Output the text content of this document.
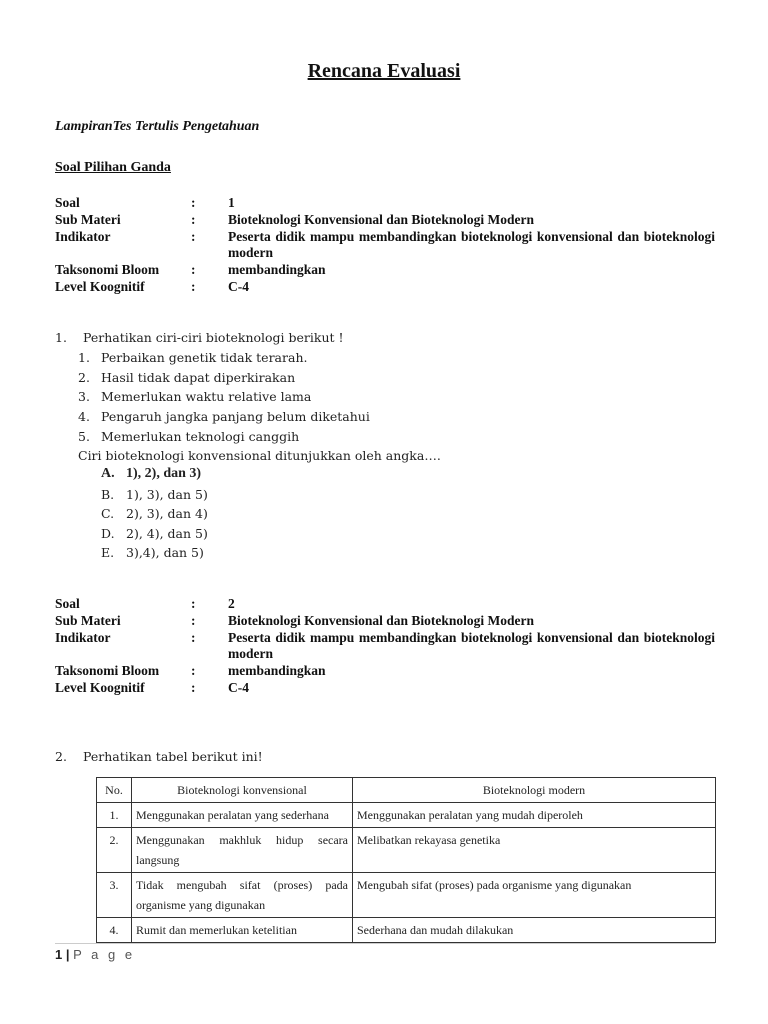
Rencana Evaluasi
LampiranTes Tertulis Pengetahuan
Soal Pilihan Ganda
Soal	:	1
Sub Materi	:	Bioteknologi Konvensional dan Bioteknologi Modern
Indikator	:	Peserta didik mampu membandingkan bioteknologi konvensional dan bioteknologi modern
Taksonomi Bloom	:	membandingkan
Level Koognitif	:	C-4
1. Perhatikan ciri-ciri bioteknologi berikut !
1. Perbaikan genetik tidak terarah.
2. Hasil tidak dapat diperkirakan
3. Memerlukan waktu relative lama
4. Pengaruh jangka panjang belum diketahui
5. Memerlukan teknologi canggih
Ciri bioteknologi konvensional ditunjukkan oleh angka….
A. 1), 2), dan 3)
B. 1), 3), dan 5)
C. 2), 3), dan 4)
D. 2), 4), dan 5)
E. 3),4), dan 5)
Soal	:	2
Sub Materi	:	Bioteknologi Konvensional dan Bioteknologi Modern
Indikator	:	Peserta didik mampu membandingkan bioteknologi konvensional dan bioteknologi modern
Taksonomi Bloom	:	membandingkan
Level Koognitif	:	C-4
2. Perhatikan tabel berikut ini!
No.	Bioteknologi konvensional	Bioteknologi modern
1.	Menggunakan peralatan yang sederhana	Menggunakan peralatan yang mudah diperoleh
2.	Menggunakan makhluk hidup secara langsung	Melibatkan rekayasa genetika
3.	Tidak mengubah sifat (proses) pada organisme yang digunakan	Mengubah sifat (proses) pada organisme yang digunakan
4.	Rumit dan memerlukan ketelitian	Sederhana dan mudah dilakukan
1 | P a g e
